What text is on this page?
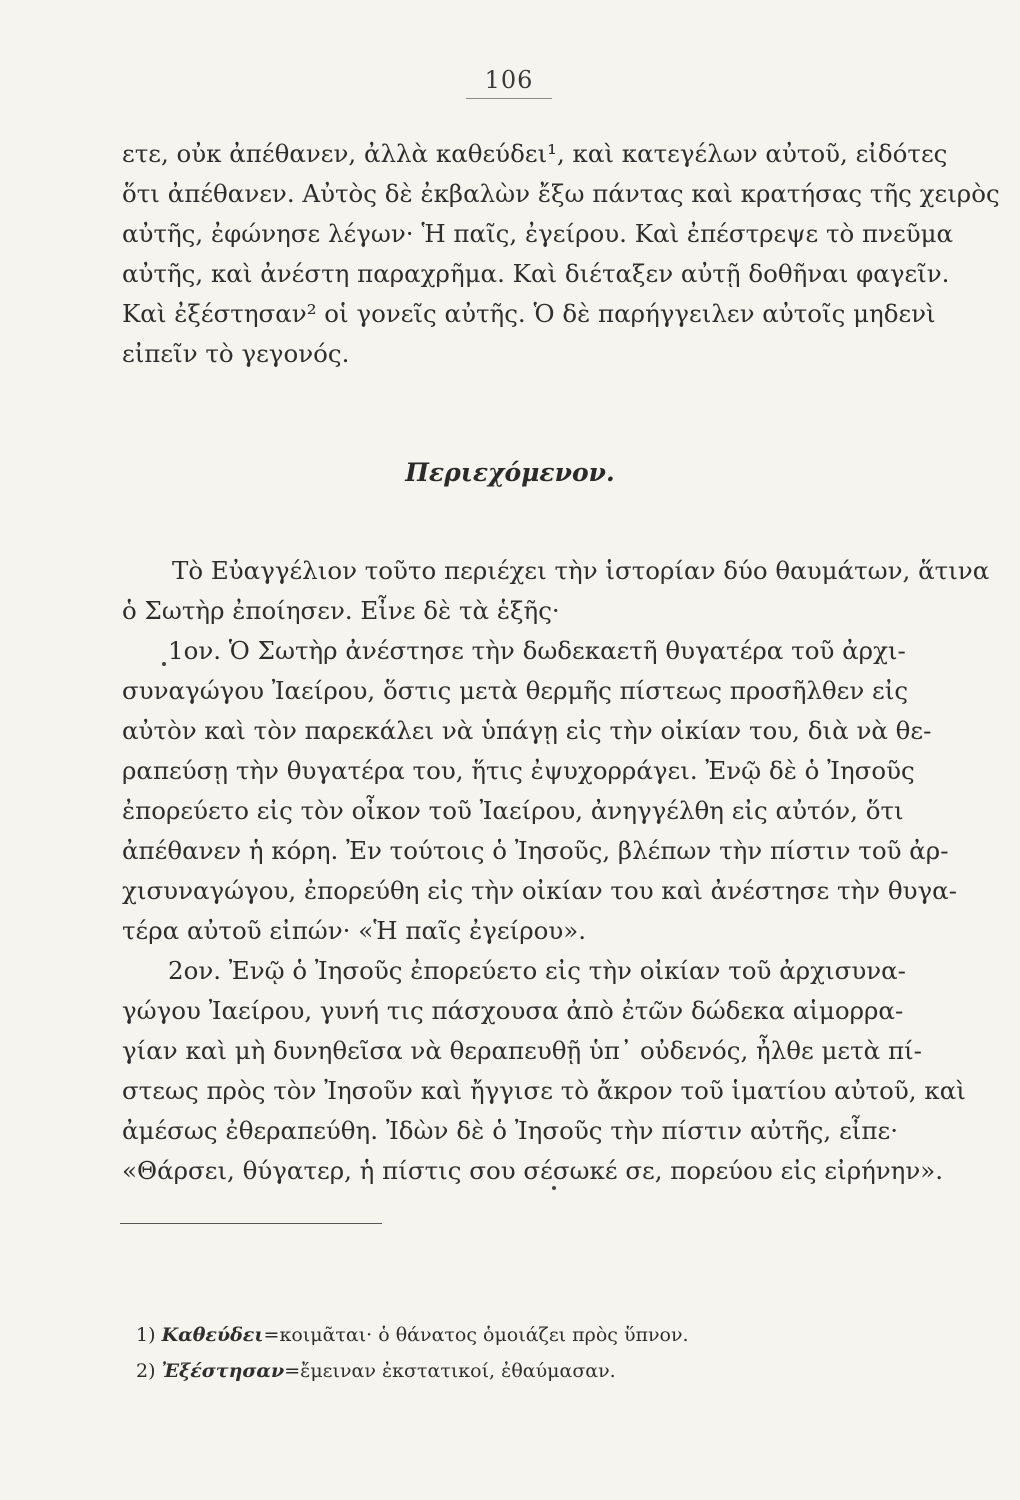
106
ετε, οὐκ ἀπέθανεν, ἀλλὰ καθεύδει¹, καὶ κατεγέλων αὐτοῦ, εἰδότες
ὅτι ἀπέθανεν. Αὐτὸς δὲ ἐκβαλὼν ἔξω πάντας καὶ κρατήσας τῆς χειρὸς
αὐτῆς, ἐφώνησε λέγων· Ἡ παῖς, ἐγείρου. Καὶ ἐπέστρεψε τὸ πνεῦμα
αὐτῆς, καὶ ἀνέστη παραχρῆμα. Καὶ διέταξεν αὐτῇ δοθῆναι φαγεῖν.
Καὶ ἐξέστησαν² οἱ γονεῖς αὐτῆς. Ὁ δὲ παρήγγειλεν αὐτοῖς μηδενὶ
εἰπεῖν τὸ γεγονός.
Περιεχόμενον.
Τὸ Εὐαγγέλιον τοῦτο περιέχει τὴν ἱστορίαν δύο θαυμάτων, ἅτινα
ὁ Σωτὴρ ἐποίησεν. Εἶνε δὲ τὰ ἑξῆς·
1ον. Ὁ Σωτὴρ ἀνέστησε τὴν δωδεκαετῆ θυγατέρα τοῦ ἀρχι-
συναγώγου Ἰαείρου, ὅστις μετὰ θερμῆς πίστεως προσῆλθεν εἰς
αὐτὸν καὶ τὸν παρεκάλει νὰ ὑπάγῃ εἰς τὴν οἰκίαν του, διὰ νὰ θε-
ραπεύσῃ τὴν θυγατέρα του, ἥτις ἐψυχορράγει. Ἐνῷ δὲ ὁ Ἰησοῦς
ἐπορεύετο εἰς τὸν οἶκον τοῦ Ἰαείρου, ἀνηγγέλθη εἰς αὐτόν, ὅτι
ἀπέθανεν ἡ κόρη. Ἐν τούτοις ὁ Ἰησοῦς, βλέπων τὴν πίστιν τοῦ ἀρ-
χισυναγώγου, ἐπορεύθη εἰς τὴν οἰκίαν του καὶ ἀνέστησε τὴν θυγα-
τέρα αὐτοῦ εἰπών· «Ἡ παῖς ἐγείρου».
2ον. Ἐνῷ ὁ Ἰησοῦς ἐπορεύετο εἰς τὴν οἰκίαν τοῦ ἀρχισυνα-
γώγου Ἰαείρου, γυνή τις πάσχουσα ἀπὸ ἐτῶν δώδεκα αἱμορρα-
γίαν καὶ μὴ δυνηθεῖσα νὰ θεραπευθῇ ὑπ᾽ οὐδενός, ἦλθε μετὰ πί-
στεως πρὸς τὸν Ἰησοῦν καὶ ἤγγισε τὸ ἄκρον τοῦ ἱματίου αὐτοῦ, καὶ
ἀμέσως ἐθεραπεύθη. Ἰδὼν δὲ ὁ Ἰησοῦς τὴν πίστιν αὐτῆς, εἶπε·
«Θάρσει, θύγατερ, ἡ πίστις σου σέσωκέ σε, πορεύου εἰς εἰρήνην».
1) Καθεύδει=κοιμᾶται· ὁ θάνατος ὁμοιάζει πρὸς ὕπνον.
2) Ἐξέστησαν=ἔμειναν ἐκστατικοί, ἐθαύμασαν.
